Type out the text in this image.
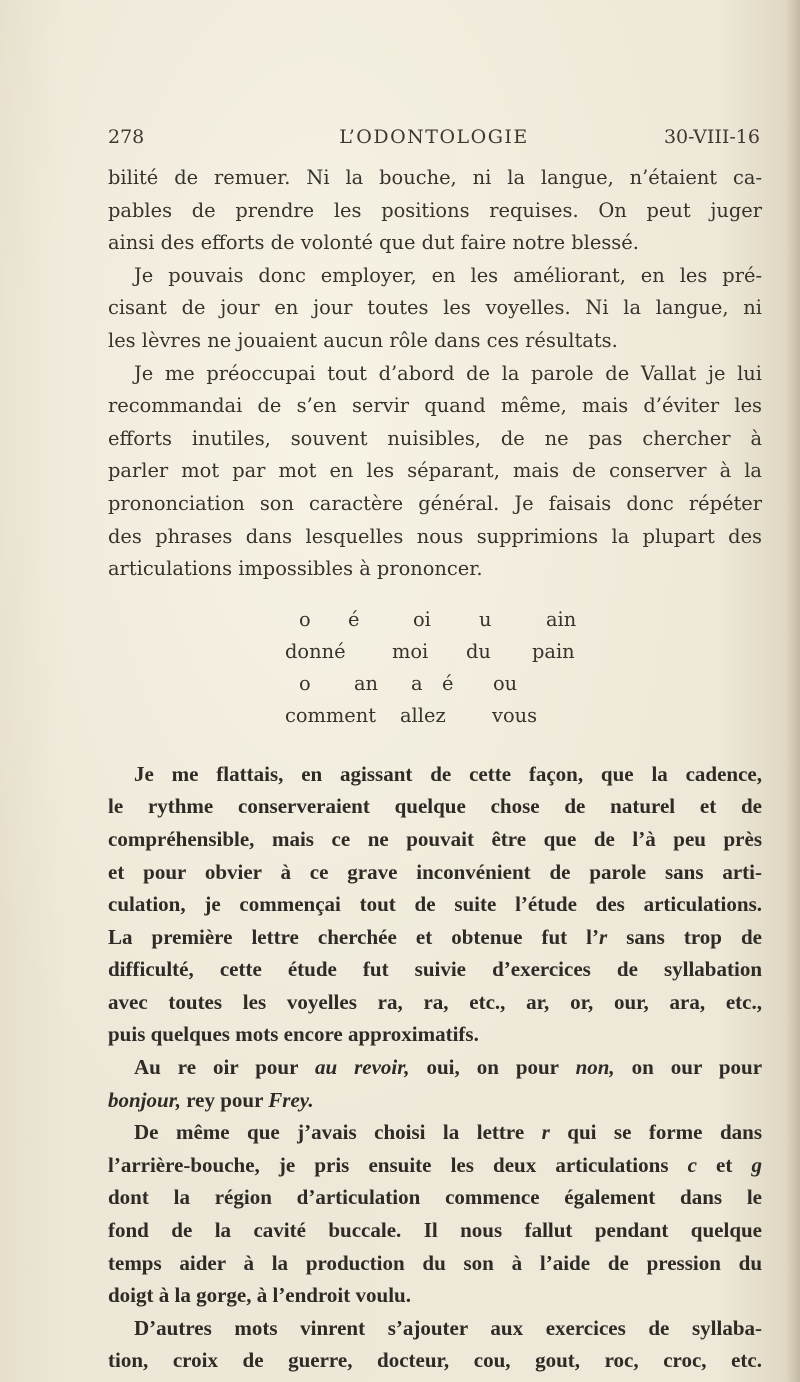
278	L’ODONTOLOGIE	30-VIII-16
bilité de remuer. Ni la bouche, ni la langue, n’étaient ca-
pables de prendre les positions requises. On peut juger
ainsi des efforts de volonté que dut faire notre blessé.
Je pouvais donc employer, en les améliorant, en les pré-
cisant de jour en jour toutes les voyelles. Ni la langue, ni
les lèvres ne jouaient aucun rôle dans ces résultats.
Je me préoccupai tout d’abord de la parole de Vallat je lui
recommandai de s’en servir quand même, mais d’éviter les
efforts inutiles, souvent nuisibles, de ne pas chercher à
parler mot par mot en les séparant, mais de conserver à la
prononciation son caractère général. Je faisais donc répéter
des phrases dans lesquelles nous supprimions la plupart des
articulations impossibles à prononcer.
o é	oi u	ain
donné moi du pain
o an a é ou
comment allez vous
Je me flattais, en agissant de cette façon, que la cadence,
le rythme conserveraient quelque chose de naturel et de
compréhensible, mais ce ne pouvait être que de l’à peu près
et pour obvier à ce grave inconvénient de parole sans arti-
culation, je commençai tout de suite l’étude des articulations.
La première lettre cherchée et obtenue fut l’r sans trop de
difficulté, cette étude fut suivie d’exercices de syllabation
avec toutes les voyelles ra, ra, etc., ar, or, our, ara, etc.,
puis quelques mots encore approximatifs.
Au re oir pour au revoir, oui, on pour non, on our pour
bonjour, rey pour Frey.
De même que j’avais choisi la lettre r qui se forme dans
l’arrière-bouche, je pris ensuite les deux articulations c et g
dont la région d’articulation commence également dans le
fond de la cavité buccale. Il nous fallut pendant quelque
temps aider à la production du son à l’aide de pression du
doigt à la gorge, à l’endroit voulu.
D’autres mots vinrent s’ajouter aux exercices de syllaba-
tion, croix de guerre, docteur, cou, gout, roc, croc, etc.
